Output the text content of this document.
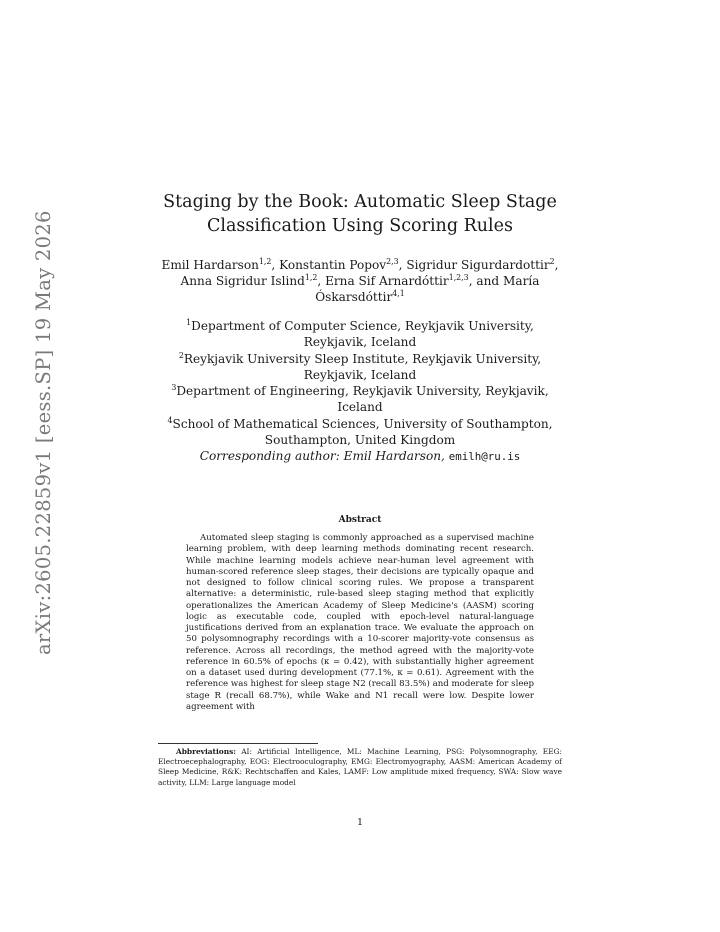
arXiv:2605.22859v1 [eess.SP] 19 May 2026
Staging by the Book: Automatic Sleep Stage
Classification Using Scoring Rules
Emil Hardarson$^{1,2}$, Konstantin Popov$^{2,3}$, Sigridur Sigurdardottir$^2$,
Anna Sigridur Islind$^{1,2}$, Erna Sif Arnardóttir$^{1,2,3}$, and María
Óskarsdóttir$^{4,1}$
$^1$Department of Computer Science, Reykjavik University,
Reykjavik, Iceland
$^2$Reykjavik University Sleep Institute, Reykjavik University,
Reykjavik, Iceland
$^3$Department of Engineering, Reykjavik University, Reykjavik,
Iceland
$^4$School of Mathematical Sciences, University of Southampton,
Southampton, United Kingdom
Corresponding author: Emil Hardarson, emilh@ru.is
Abstract
Automated sleep staging is commonly approached as a supervised machine learning problem, with deep learning methods dominating recent research. While machine learning models achieve near-human level agreement with human-scored reference sleep stages, their decisions are typically opaque and not designed to follow clinical scoring rules. We propose a transparent alternative: a deterministic, rule-based sleep staging method that explicitly operationalizes the American Academy of Sleep Medicine's (AASM) scoring logic as executable code, coupled with epoch-level natural-language justifications derived from an explanation trace. We evaluate the approach on 50 polysomnography recordings with a 10-scorer majority-vote consensus as reference. Across all recordings, the method agreed with the majority-vote reference in 60.5% of epochs (κ = 0.42), with substantially higher agreement on a dataset used during development (77.1%, κ = 0.61). Agreement with the reference was highest for sleep stage N2 (recall 83.5%) and moderate for sleep stage R (recall 68.7%), while Wake and N1 recall were low. Despite lower agreement with
Abbreviations: AI: Artificial Intelligence, ML: Machine Learning, PSG: Polysomnography, EEG: Electroecephalography, EOG: Electrooculography, EMG: Electromyography, AASM: American Academy of Sleep Medicine, R&K: Rechtschaffen and Kales, LAMF: Low amplitude mixed frequency, SWA: Slow wave activity, LLM: Large language model
1
